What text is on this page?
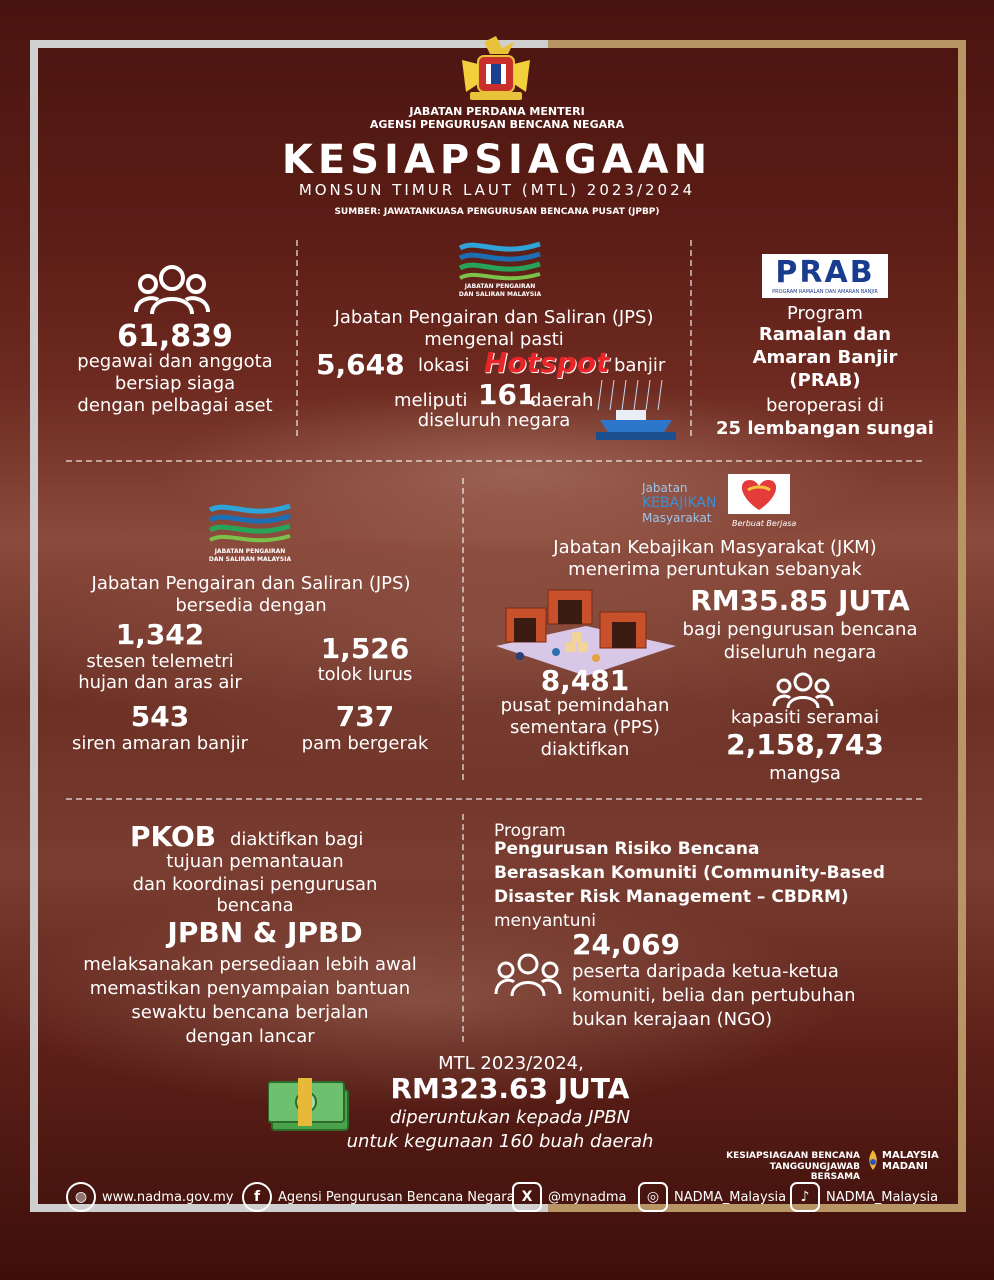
JABATAN PERDANA MENTERI
AGENSI PENGURUSAN BENCANA NEGARA
KESIAPSIAGAAN
MONSUN TIMUR LAUT (MTL) 2023/2024
SUMBER: JAWATANKUASA PENGURUSAN BENCANA PUSAT (JPBP)
61,839
pegawai dan anggota
bersiap siaga
dengan pelbagai aset
JABATAN PENGAIRAN
DAN SALIRAN MALAYSIA
Jabatan Pengairan dan Saliran (JPS)
mengenal pasti
5,648 lokasi Hotspot banjir
meliputi 161
daerah
diseluruh negara
PRAB
PROGRAM RAMALAN DAN AMARAN BANJIR
Program
Ramalan dan
Amaran Banjir
(PRAB)
beroperasi di
25 lembangan sungai
JABATAN PENGAIRAN
DAN SALIRAN MALAYSIA
Jabatan Pengairan dan Saliran (JPS)
bersedia dengan
1,342
stesen telemetri
hujan dan aras air
1,526
tolok lurus
543
siren amaran banjir
737
pam bergerak
Jabatan
KEBAJIKAN
Masyarakat	Berbuat Berjasa
Jabatan Kebajikan Masyarakat (JKM)
menerima peruntukan sebanyak
RM35.85 JUTA
bagi pengurusan bencana
diseluruh negara
8,481
pusat pemindahan
sementara (PPS)
diaktifkan
kapasiti seramai
2,158,743
mangsa
PKOB diaktifkan bagi
tujuan pemantauan
dan koordinasi pengurusan
bencana
JPBN & JPBD
melaksanakan persediaan lebih awal
memastikan penyampaian bantuan
sewaktu bencana berjalan
dengan lancar
Program
Pengurusan Risiko Bencana
Berasaskan Komuniti (Community-Based
Disaster Risk Management – CBDRM)
menyantuni
24,069
peserta daripada ketua-ketua
komuniti, belia dan pertubuhan
bukan kerajaan (NGO)
MTL 2023/2024,
RM323.63 JUTA
diperuntukan kepada JPBN
untuk kegunaan 160 buah daerah
KESIAPSIAGAAN BENCANA
TANGGUNGJAWAB BERSAMA
MALAYSIA
MADANI
◍	www.nadma.gov.my	f	Agensi Pengurusan Bencana Negara X	@mynadma	◎	NADMA_Malaysia	♪	NADMA_Malaysia
